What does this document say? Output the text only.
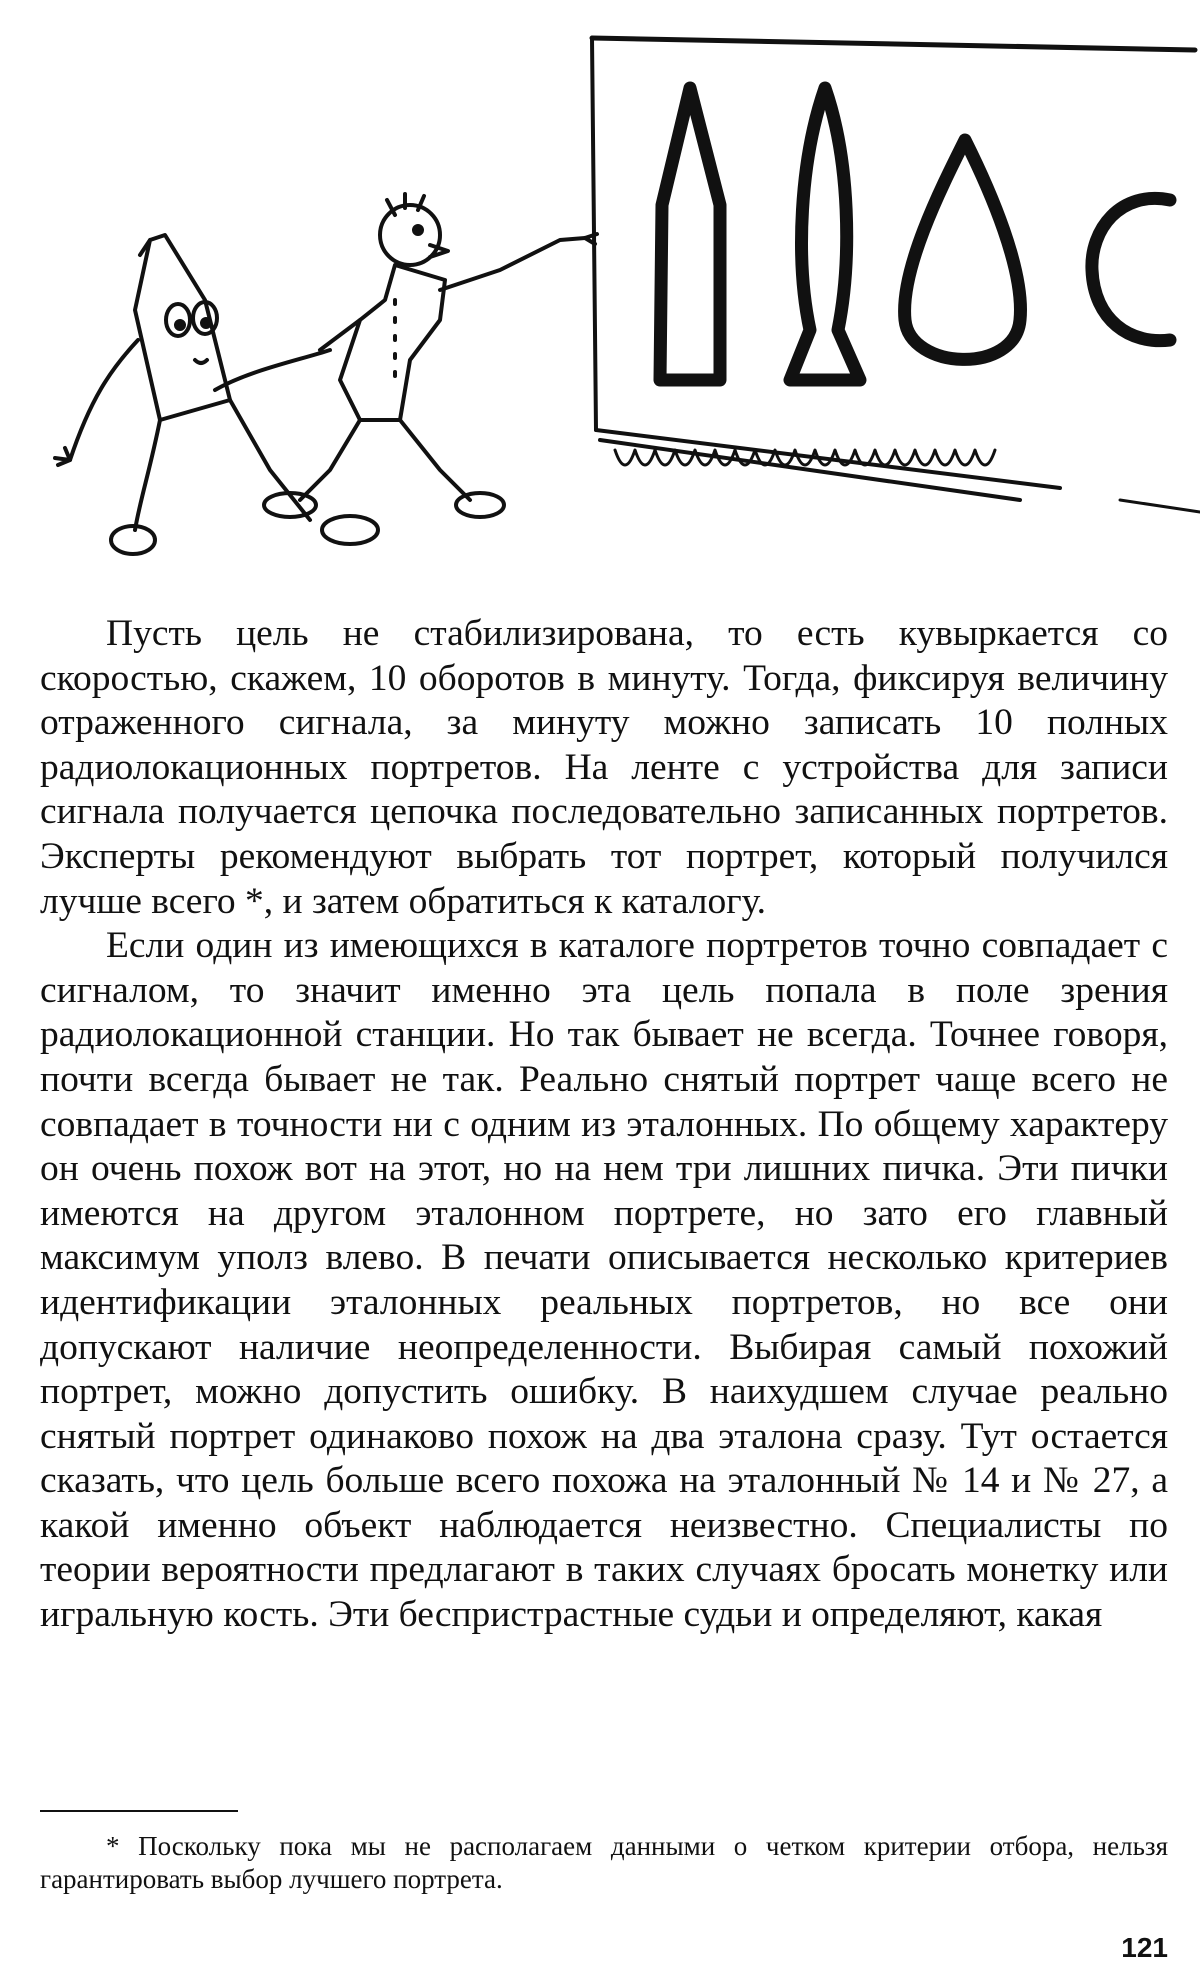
Пусть цель не стабилизирована, то есть кувыркается со скоростью, скажем, 10 оборотов в минуту. Тогда, фиксируя величину отраженного сигнала, за минуту можно записать 10 полных радиолокационных портретов. На ленте с устройства для записи сигнала получается цепочка последовательно записанных портретов. Эксперты рекомендуют выбрать тот портрет, который получился лучше всего *, и затем обратиться к каталогу.

Если один из имеющихся в каталоге портретов точно совпадает с сигналом, то значит именно эта цель попала в поле зрения радиолокационной станции. Но так бывает не всегда. Точнее говоря, почти всегда бывает не так. Реально снятый портрет чаще всего не совпадает в точности ни с одним из эталонных. По общему характеру он очень похож вот на этот, но на нем три лишних пичка. Эти пички имеются на другом эталонном портрете, но зато его главный максимум уполз влево. В печати описывается несколько критериев идентификации эталонных реальных портретов, но все они допускают наличие неопределенности. Выбирая самый похожий портрет, можно допустить ошибку. В наихудшем случае реально снятый портрет одинаково похож на два эталона сразу. Тут остается сказать, что цель больше всего похожа на эталонный № 14 и № 27, а какой именно объект наблюдается неизвестно. Специалисты по теории вероятности предлагают в таких случаях бросать монетку или игральную кость. Эти беспристрастные судьи и определяют, какая

* Поскольку пока мы не располагаем данными о четком критерии отбора, нельзя гарантировать выбор лучшего портрета.

121
